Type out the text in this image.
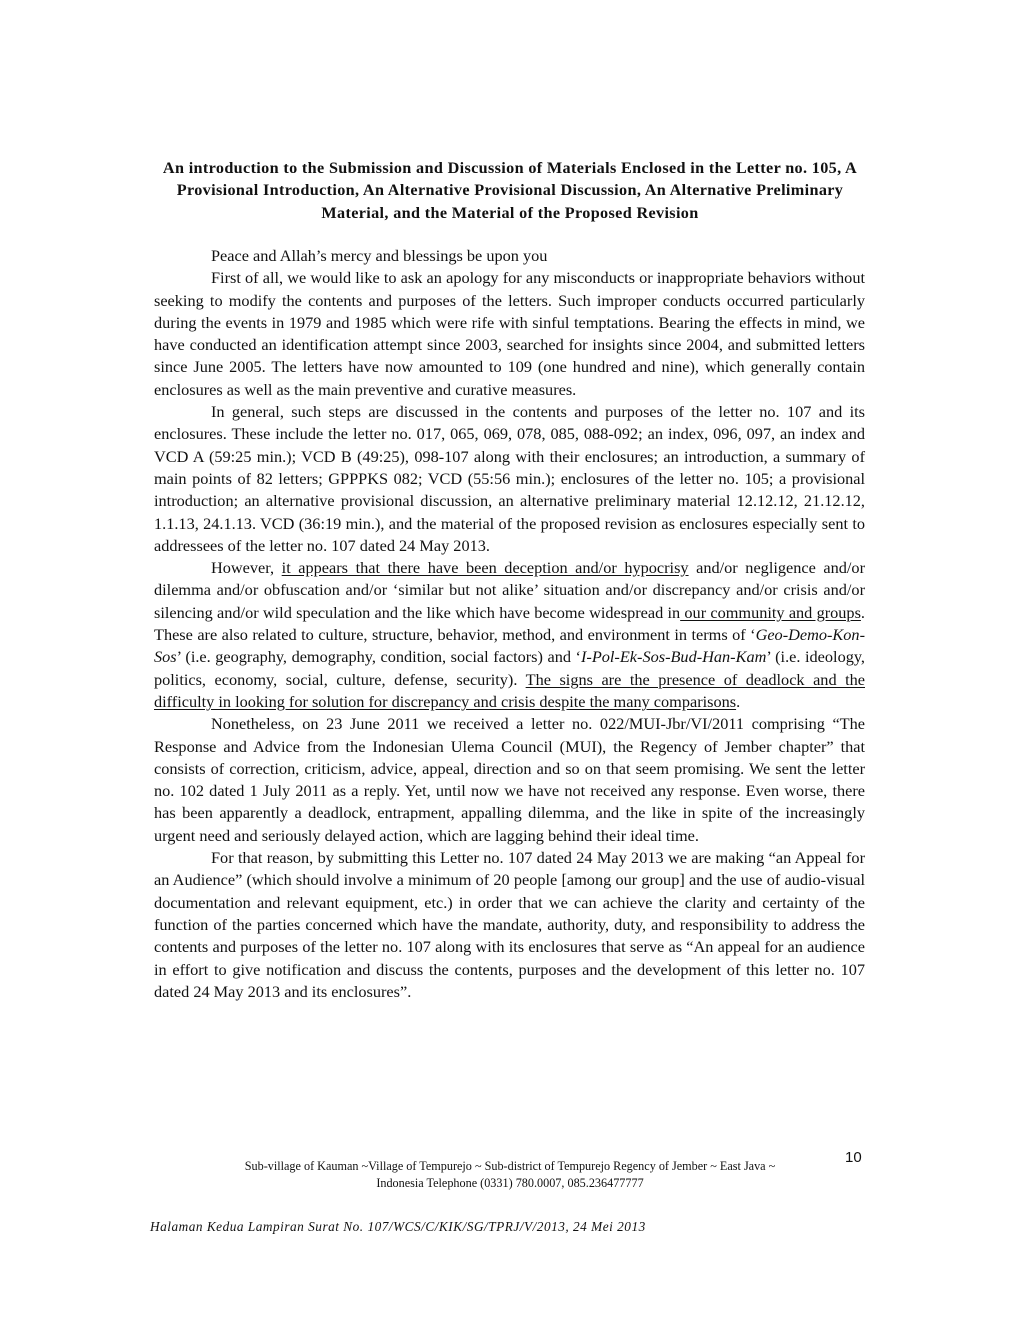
An introduction to the Submission and Discussion of Materials Enclosed in the Letter no. 105, A Provisional Introduction, An Alternative Provisional Discussion, An Alternative Preliminary Material, and the Material of the Proposed Revision

Peace and Allah’s mercy and blessings be upon you

First of all, we would like to ask an apology for any misconducts or inappropriate behaviors without seeking to modify the contents and purposes of the letters. Such improper conducts occurred particularly during the events in 1979 and 1985 which were rife with sinful temptations. Bearing the effects in mind, we have conducted an identification attempt since 2003, searched for insights since 2004, and submitted letters since June 2005. The letters have now amounted to 109 (one hundred and nine), which generally contain enclosures as well as the main preventive and curative measures.

In general, such steps are discussed in the contents and purposes of the letter no. 107 and its enclosures. These include the letter no. 017, 065, 069, 078, 085, 088-092; an index, 096, 097, an index and VCD A (59:25 min.); VCD B (49:25), 098-107 along with their enclosures; an introduction, a summary of main points of 82 letters; GPPPKS 082; VCD (55:56 min.); enclosures of the letter no. 105; a provisional introduction; an alternative provisional discussion, an alternative preliminary material 12.12.12, 21.12.12, 1.1.13, 24.1.13. VCD (36:19 min.), and the material of the proposed revision as enclosures especially sent to addressees of the letter no. 107 dated 24 May 2013.

However, it appears that there have been deception and/or hypocrisy and/or negligence and/or dilemma and/or obfuscation and/or ‘similar but not alike’ situation and/or discrepancy and/or crisis and/or silencing and/or wild speculation and the like which have become widespread in our community and groups. These are also related to culture, structure, behavior, method, and environment in terms of ‘Geo-Demo-Kon-Sos’ (i.e. geography, demography, condition, social factors) and ‘I-Pol-Ek-Sos-Bud-Han-Kam’ (i.e. ideology, politics, economy, social, culture, defense, security). The signs are the presence of deadlock and the difficulty in looking for solution for discrepancy and crisis despite the many comparisons.

Nonetheless, on 23 June 2011 we received a letter no. 022/MUI-Jbr/VI/2011 comprising “The Response and Advice from the Indonesian Ulema Council (MUI), the Regency of Jember chapter” that consists of correction, criticism, advice, appeal, direction and so on that seem promising. We sent the letter no. 102 dated 1 July 2011 as a reply. Yet, until now we have not received any response. Even worse, there has been apparently a deadlock, entrapment, appalling dilemma, and the like in spite of the increasingly urgent need and seriously delayed action, which are lagging behind their ideal time.

For that reason, by submitting this Letter no. 107 dated 24 May 2013 we are making “an Appeal for an Audience” (which should involve a minimum of 20 people [among our group] and the use of audio-visual documentation and relevant equipment, etc.) in order that we can achieve the clarity and certainty of the function of the parties concerned which have the mandate, authority, duty, and responsibility to address the contents and purposes of the letter no. 107 along with its enclosures that serve as “An appeal for an audience in effort to give notification and discuss the contents, purposes and the development of this letter no. 107 dated 24 May 2013 and its enclosures”.

10
Sub-village of Kauman ~Village of Tempurejo ~ Sub-district of Tempurejo Regency of Jember ~ East Java ~
Indonesia Telephone (0331) 780.0007, 085.236477777
Halaman Kedua Lampiran Surat No. 107/WCS/C/KIK/SG/TPRJ/V/2013, 24 Mei 2013
